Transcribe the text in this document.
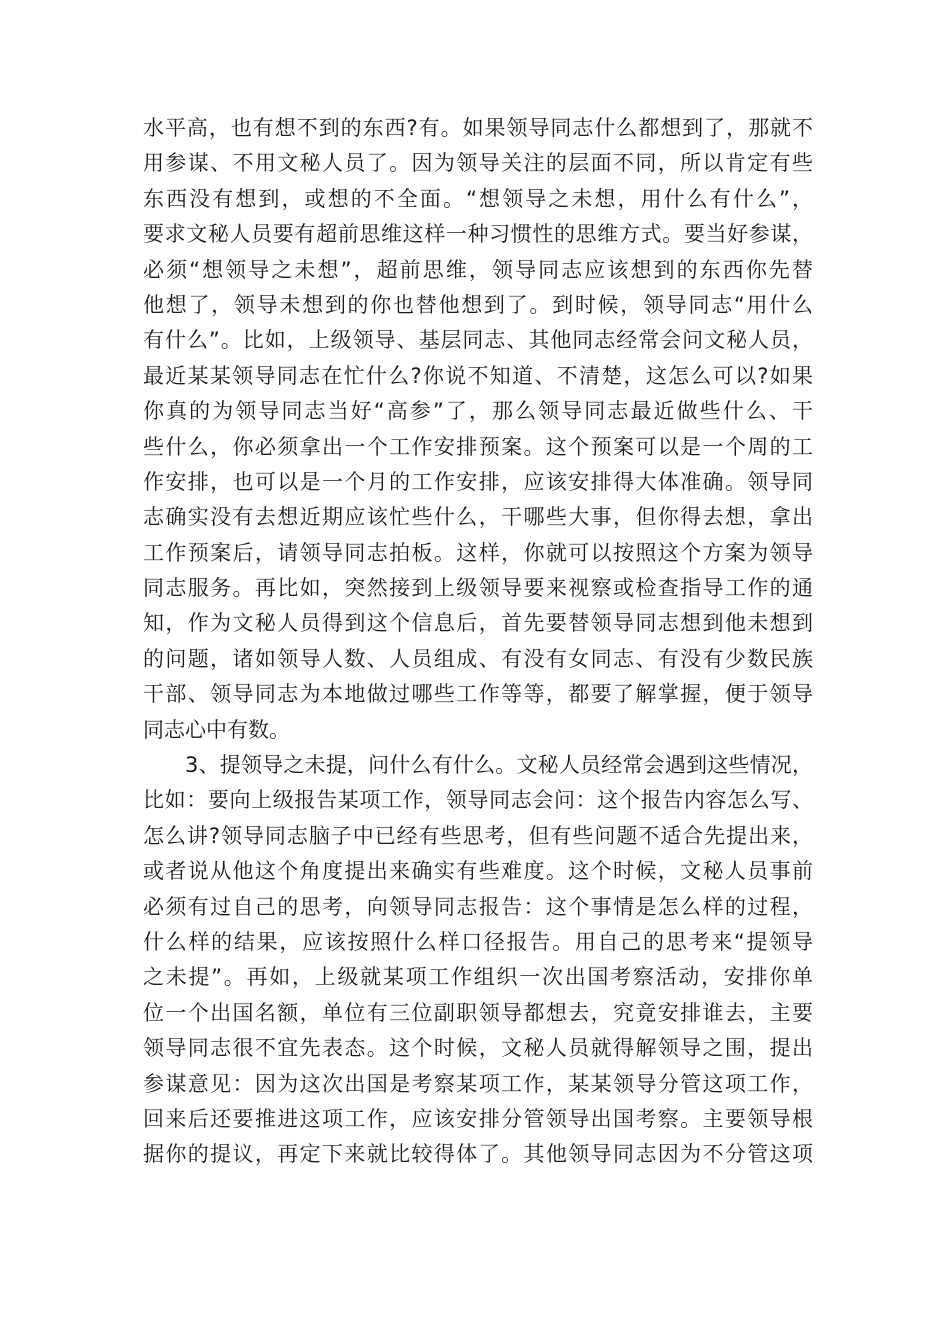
水平高，也有想不到的东西?有。如果领导同志什么都想到了，那就不
用参谋、不用文秘人员了。因为领导关注的层面不同，所以肯定有些
东西没有想到，或想的不全面。“想领导之未想，用什么有什么”，
要求文秘人员要有超前思维这样一种习惯性的思维方式。要当好参谋，
必须“想领导之未想”，超前思维，领导同志应该想到的东西你先替
他想了，领导未想到的你也替他想到了。到时候，领导同志“用什么
有什么”。比如，上级领导、基层同志、其他同志经常会问文秘人员，
最近某某领导同志在忙什么?你说不知道、不清楚，这怎么可以?如果
你真的为领导同志当好“高参”了，那么领导同志最近做些什么、干
些什么，你必须拿出一个工作安排预案。这个预案可以是一个周的工
作安排，也可以是一个月的工作安排，应该安排得大体准确。领导同
志确实没有去想近期应该忙些什么，干哪些大事，但你得去想，拿出
工作预案后，请领导同志拍板。这样，你就可以按照这个方案为领导
同志服务。再比如，突然接到上级领导要来视察或检查指导工作的通
知，作为文秘人员得到这个信息后，首先要替领导同志想到他未想到
的问题，诸如领导人数、人员组成、有没有女同志、有没有少数民族
干部、领导同志为本地做过哪些工作等等，都要了解掌握，便于领导
同志心中有数。
3、提领导之未提，问什么有什么。文秘人员经常会遇到这些情况，
比如：要向上级报告某项工作，领导同志会问：这个报告内容怎么写、
怎么讲?领导同志脑子中已经有些思考，但有些问题不适合先提出来，
或者说从他这个角度提出来确实有些难度。这个时候，文秘人员事前
必须有过自己的思考，向领导同志报告：这个事情是怎么样的过程，
什么样的结果，应该按照什么样口径报告。用自己的思考来“提领导
之未提”。再如，上级就某项工作组织一次出国考察活动，安排你单
位一个出国名额，单位有三位副职领导都想去，究竟安排谁去，主要
领导同志很不宜先表态。这个时候，文秘人员就得解领导之围，提出
参谋意见：因为这次出国是考察某项工作，某某领导分管这项工作，
回来后还要推进这项工作，应该安排分管领导出国考察。主要领导根
据你的提议，再定下来就比较得体了。其他领导同志因为不分管这项
